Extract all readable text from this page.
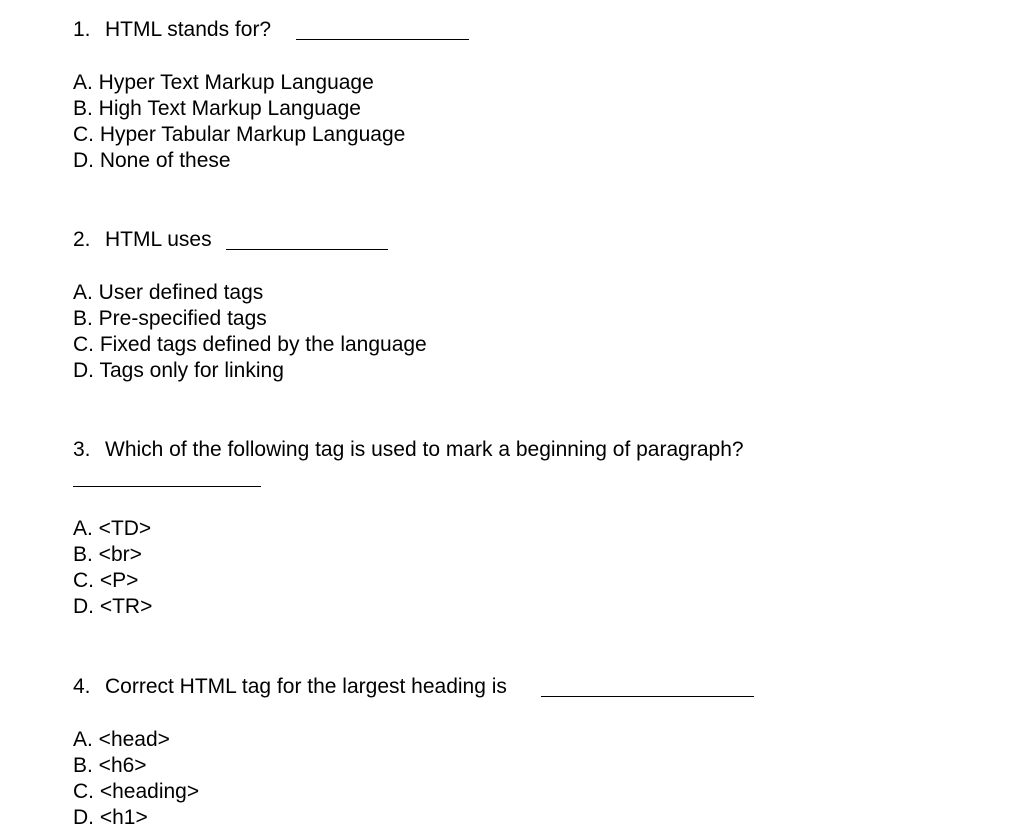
1. HTML stands for?
A. Hyper Text Markup Language
B. High Text Markup Language
C. Hyper Tabular Markup Language
D. None of these
2. HTML uses
A. User defined tags
B. Pre-specified tags
C. Fixed tags defined by the language
D. Tags only for linking
3. Which of the following tag is used to mark a beginning of paragraph?
A. <TD>
B. <br>
C. <P>
D. <TR>
4. Correct HTML tag for the largest heading is
A. <head>
B. <h6>
C. <heading>
D. <h1>
